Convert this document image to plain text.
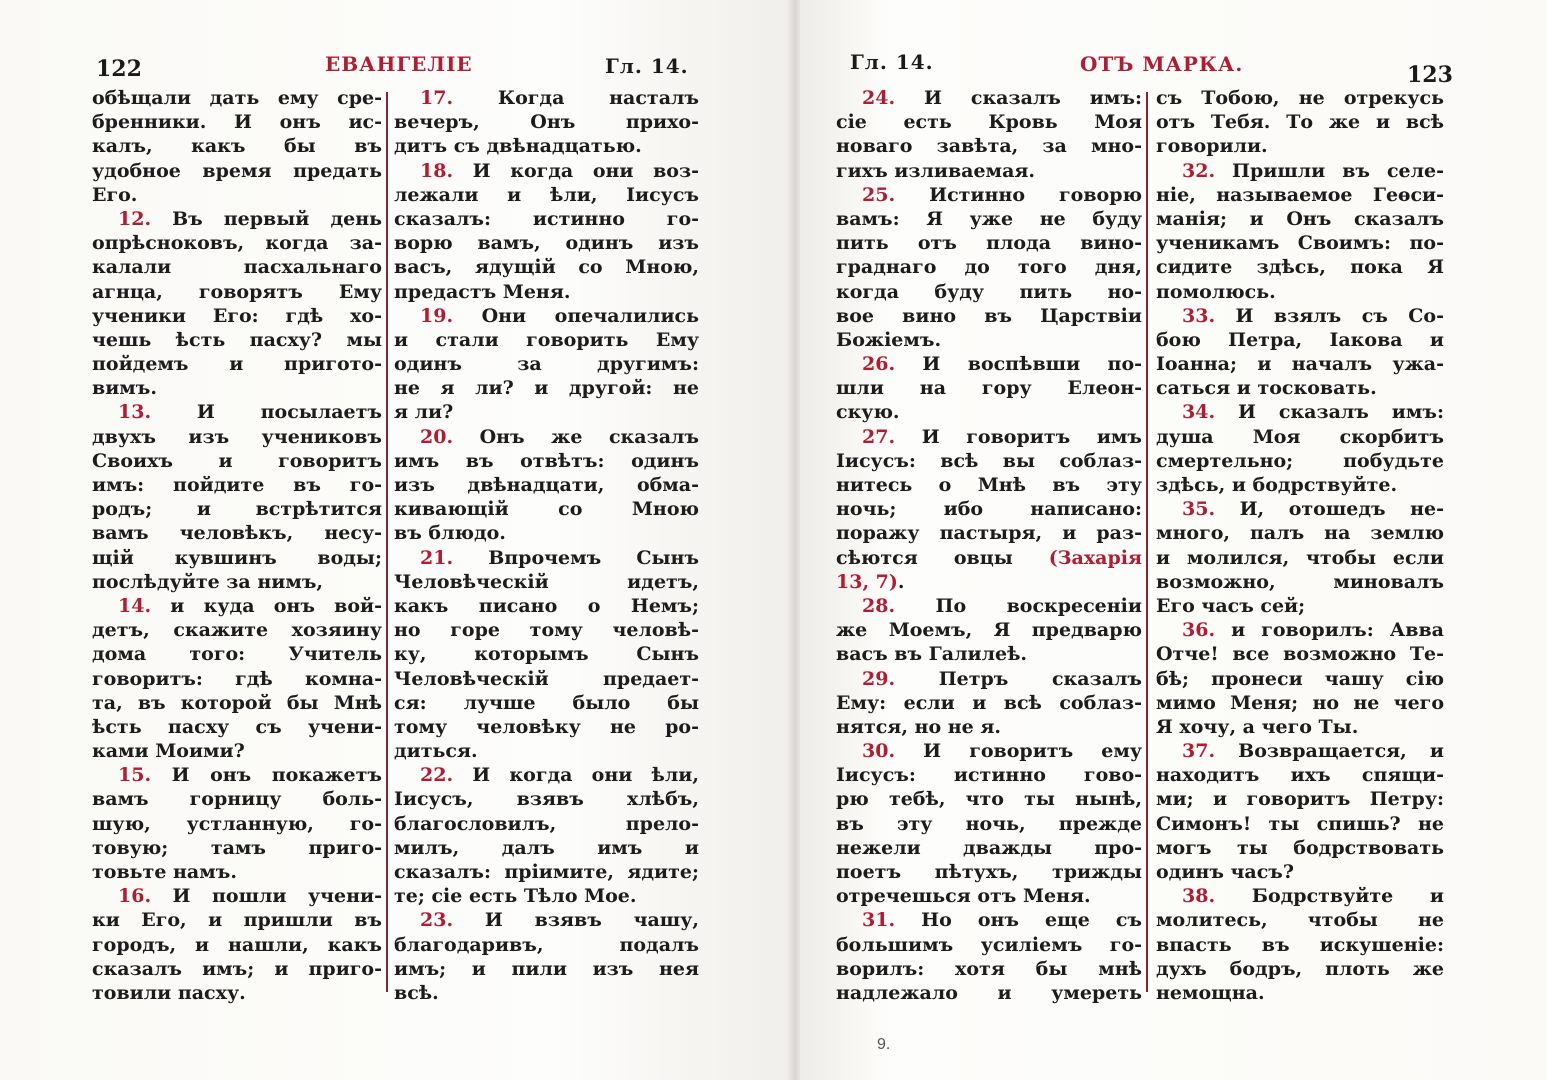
122	ЕВАНГЕЛІЕ	Гл. 14.
обѣщали дать ему сре-
бренники. И онъ ис-
калъ, какъ бы въ
удобное время предать
Его.
12. Въ первый день
опрѣсноковъ, когда за-
калали пасхальнаго
агнца, говорятъ Ему
ученики Его: гдѣ хо-
чешь ѣсть пасху? мы
пойдемъ и пригото-
вимъ.
13. И посылаетъ
двухъ изъ учениковъ
Своихъ и говоритъ
имъ: пойдите въ го-
родъ; и встрѣтится
вамъ человѣкъ, несу-
щій кувшинъ воды;
послѣдуйте за нимъ,
14. и куда онъ вой-
детъ, скажите хозяину
дома того: Учитель
говоритъ: гдѣ комна-
та, въ которой бы Мнѣ
ѣсть пасху съ учени-
ками Моими?
15. И онъ покажетъ
вамъ горницу боль-
шую, устланную, го-
товую; тамъ приго-
товьте намъ.
16. И пошли учени-
ки Его, и пришли въ
городъ, и нашли, какъ
сказалъ имъ; и приго-
товили пасху.
17. Когда насталъ
вечеръ, Онъ прихо-
дитъ съ двѣнадцатью.
18. И когда они воз-
лежали и ѣли, Іисусъ
сказалъ: истинно го-
ворю вамъ, одинъ изъ
васъ, ядущій со Мною,
предастъ Меня.
19. Они опечалились
и стали говорить Ему
одинъ за другимъ:
не я ли? и другой: не
я ли?
20. Онъ же сказалъ
имъ въ отвѣтъ: одинъ
изъ двѣнадцати, обма-
кивающій со Мною
въ блюдо.
21. Впрочемъ Сынъ
Человѣческій идетъ,
какъ писано о Немъ;
но горе тому человѣ-
ку, которымъ Сынъ
Человѣческій предает-
ся: лучше было бы
тому человѣку не ро-
диться.
22. И когда они ѣли,
Іисусъ, взявъ хлѣбъ,
благословилъ, прело-
милъ, далъ имъ и
сказалъ: пріимите, ядите;
те; сіе есть Тѣло Мое.
23. И взявъ чашу,
благодаривъ, подалъ
имъ; и пили изъ нея
всѣ.
Гл. 14.	ОТЪ МАРКА.	123
24. И сказалъ имъ:
сіе есть Кровь Моя
новаго завѣта, за мно-
гихъ изливаемая.
25. Истинно говорю
вамъ: Я уже не буду
пить отъ плода вино-
граднаго до того дня,
когда буду пить но-
вое вино въ Царствіи
Божіемъ.
26. И воспѣвши по-
шли на гору Елеон-
скую.
27. И говоритъ имъ
Іисусъ: всѣ вы соблаз-
нитесь о Мнѣ въ эту
ночь; ибо написано:
поражу пастыря, и раз-
сѣются овцы (Захарія
13, 7).
28. По воскресеніи
же Моемъ, Я предварю
васъ въ Галилеѣ.
29. Петръ сказалъ
Ему: если и всѣ соблаз-
нятся, но не я.
30. И говоритъ ему
Іисусъ: истинно гово-
рю тебѣ, что ты нынѣ,
въ эту ночь, прежде
нежели дважды про-
поетъ пѣтухъ, трижды
отречешься отъ Меня.
31. Но онъ еще съ
большимъ усиліемъ го-
ворилъ: хотя бы мнѣ
надлежало и умереть
съ Тобою, не отрекусь
отъ Тебя. То же и всѣ
говорили.
32. Пришли въ селе-
ніе, называемое Геѳси-
манія; и Онъ сказалъ
ученикамъ Своимъ: по-
сидите здѣсь, пока Я
помолюсь.
33. И взялъ съ Со-
бою Петра, Іакова и
Іоанна; и началъ ужа-
саться и тосковать.
34. И сказалъ имъ:
душа Моя скорбитъ
смертельно; побудьте
здѣсь, и бодрствуйте.
35. И, отошедъ не-
много, палъ на землю
и молился, чтобы если
возможно, миновалъ
Его часъ сей;
36. и говорилъ: Авва
Отче! все возможно Те-
бѣ; пронеси чашу сію
мимо Меня; но не чего
Я хочу, а чего Ты.
37. Возвращается, и
находитъ ихъ спящи-
ми; и говоритъ Петру:
Симонъ! ты спишь? не
могъ ты бодрствовать
одинъ часъ?
38. Бодрствуйте и
молитесь, чтобы не
впасть въ искушеніе:
духъ бодръ, плоть же
немощна.
9.
